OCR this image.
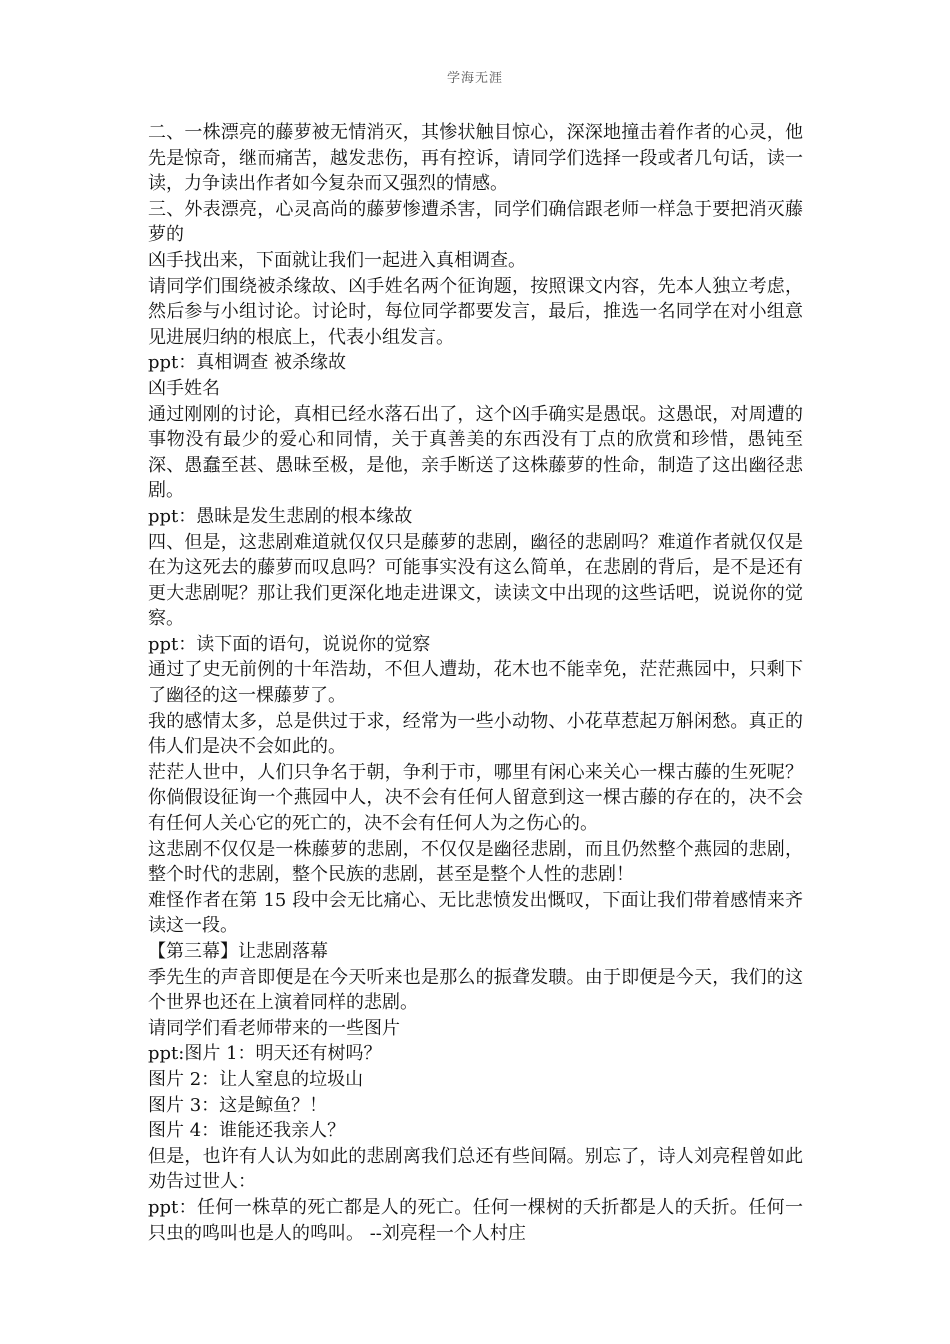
学海无涯

二、一株漂亮的藤萝被无情消灭，其惨状触目惊心，深深地撞击着作者的心灵，他先是惊奇，继而痛苦，越发悲伤，再有控诉，请同学们选择一段或者几句话，读一读，力争读出作者如今复杂而又强烈的情感。

三、外表漂亮，心灵高尚的藤萝惨遭杀害，同学们确信跟老师一样急于要把消灭藤萝的

凶手找出来，下面就让我们一起进入真相调查。

请同学们围绕被杀缘故、凶手姓名两个征询题，按照课文内容，先本人独立考虑，然后参与小组讨论。讨论时，每位同学都要发言，最后，推选一名同学在对小组意见进展归纳的根底上，代表小组发言。

ppt：真相调查 被杀缘故

凶手姓名

通过刚刚的讨论，真相已经水落石出了，这个凶手确实是愚氓。这愚氓，对周遭的事物没有最少的爱心和同情，关于真善美的东西没有丁点的欣赏和珍惜，愚钝至深、愚蠢至甚、愚昧至极，是他，亲手断送了这株藤萝的性命，制造了这出幽径悲剧。

ppt：愚昧是发生悲剧的根本缘故

四、但是，这悲剧难道就仅仅只是藤萝的悲剧，幽径的悲剧吗？难道作者就仅仅是在为这死去的藤萝而叹息吗？可能事实没有这么简单，在悲剧的背后，是不是还有更大悲剧呢？那让我们更深化地走进课文，读读文中出现的这些话吧，说说你的觉察。

ppt：读下面的语句，说说你的觉察

通过了史无前例的十年浩劫，不但人遭劫，花木也不能幸免，茫茫燕园中，只剩下了幽径的这一棵藤萝了。

我的感情太多，总是供过于求，经常为一些小动物、小花草惹起万斛闲愁。真正的伟人们是决不会如此的。

茫茫人世中，人们只争名于朝，争利于市，哪里有闲心来关心一棵古藤的生死呢？ 你倘假设征询一个燕园中人，决不会有任何人留意到这一棵古藤的存在的，决不会有任何人关心它的死亡的，决不会有任何人为之伤心的。

这悲剧不仅仅是一株藤萝的悲剧，不仅仅是幽径悲剧，而且仍然整个燕园的悲剧，整个时代的悲剧，整个民族的悲剧，甚至是整个人性的悲剧！

难怪作者在第 15 段中会无比痛心、无比悲愤发出慨叹，下面让我们带着感情来齐读这一段。

【第三幕】让悲剧落幕

季先生的声音即便是在今天听来也是那么的振聋发聩。由于即便是今天，我们的这个世界也还在上演着同样的悲剧。

请同学们看老师带来的一些图片

ppt:图片 1：明天还有树吗？

图片 2：让人窒息的垃圾山

图片 3：这是鲸鱼？！

图片 4：谁能还我亲人？

但是，也许有人认为如此的悲剧离我们总还有些间隔。别忘了，诗人刘亮程曾如此劝告过世人：

ppt：任何一株草的死亡都是人的死亡。任何一棵树的夭折都是人的夭折。任何一只虫的鸣叫也是人的鸣叫。 --刘亮程一个人村庄
